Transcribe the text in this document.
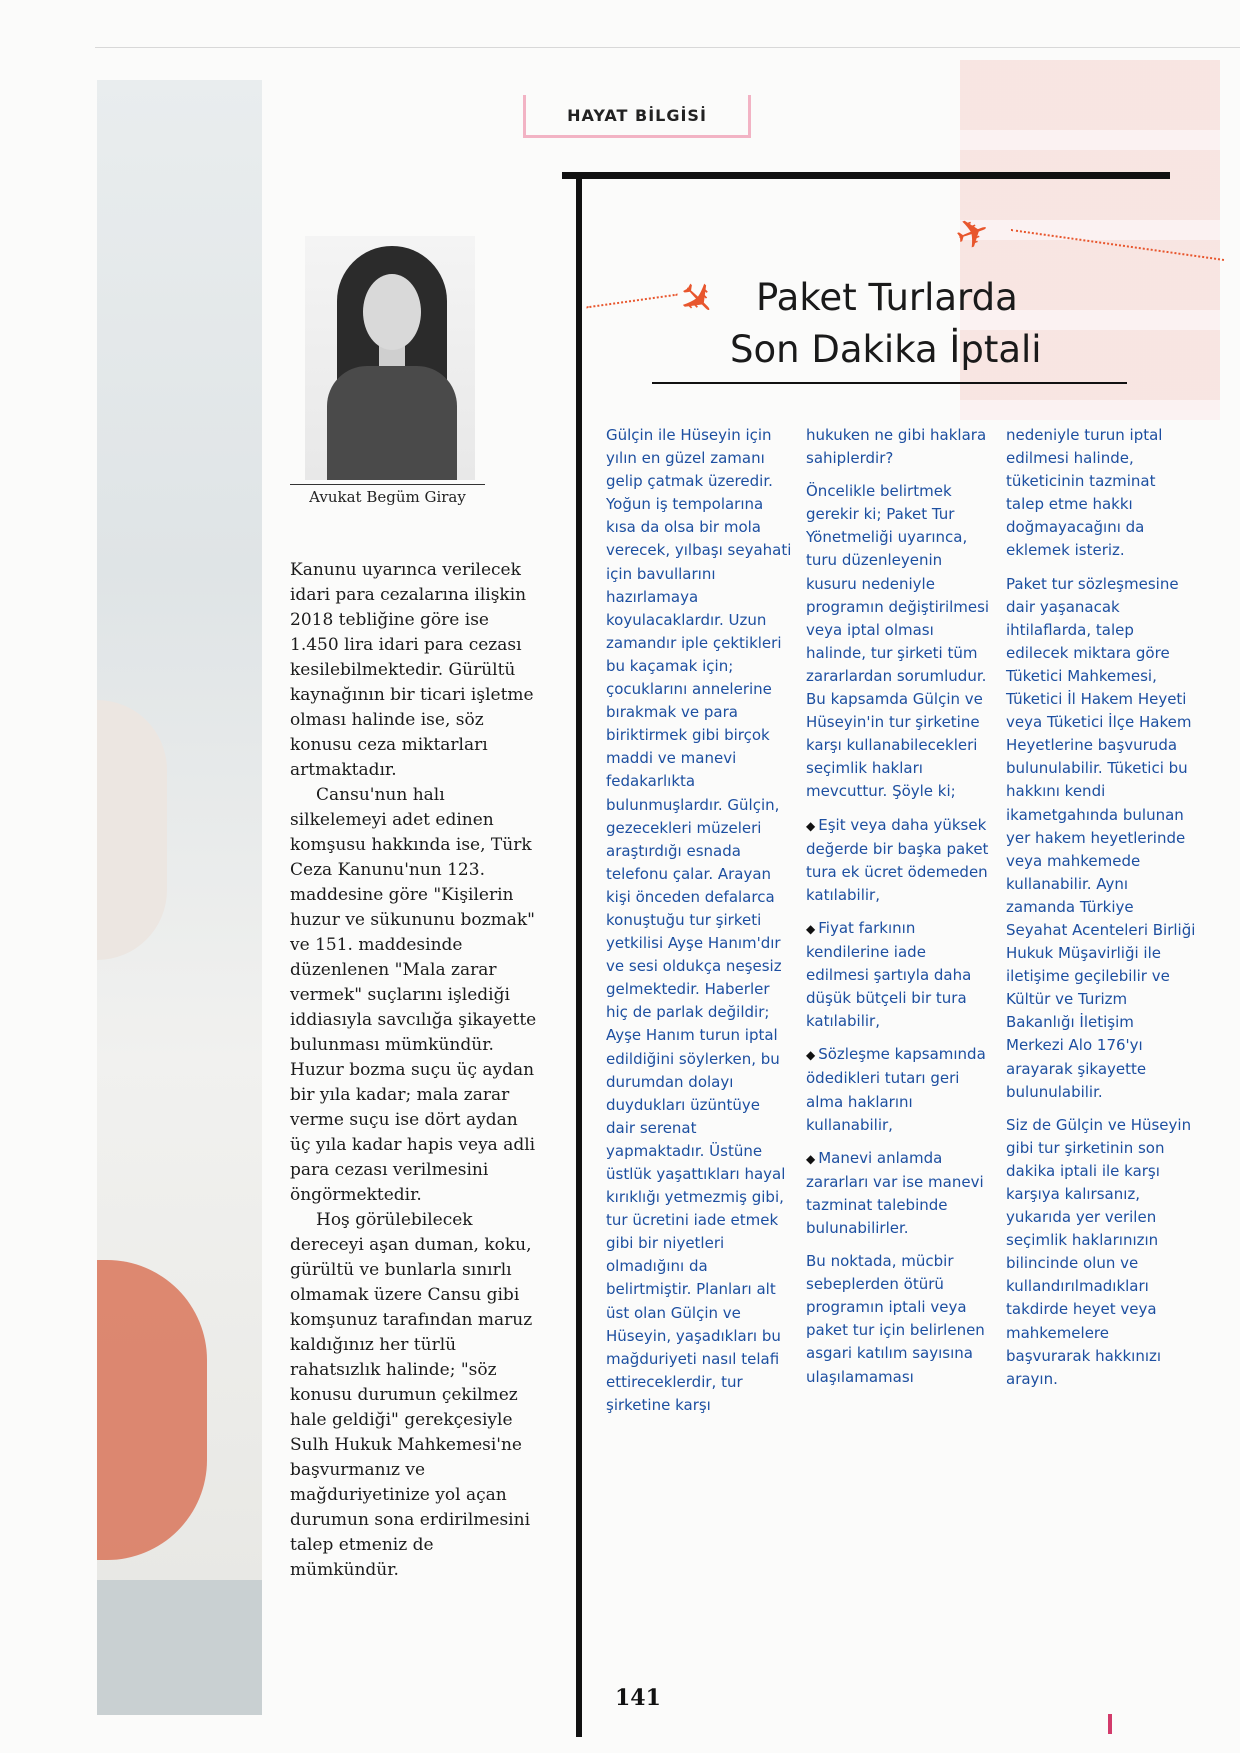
HAYAT BİLGİSİ
Avukat Begüm Giray

Kanunu uyarınca verilecek idari para cezalarına ilişkin 2018 tebliğine göre ise 1.450 lira idari para cezası kesilebilmektedir. Gürültü kaynağının bir ticari işletme olması halinde ise, söz konusu ceza miktarları artmaktadır.

Cansu'nun halı silkelemeyi adet edinen komşusu hakkında ise, Türk Ceza Kanunu'nun 123. maddesine göre "Kişilerin huzur ve sükununu bozmak" ve 151. maddesinde düzenlenen "Mala zarar vermek" suçlarını işlediği iddiasıyla savcılığa şikayette bulunması mümkündür. Huzur bozma suçu üç aydan bir yıla kadar; mala zarar verme suçu ise dört aydan üç yıla kadar hapis veya adli para cezası verilmesini öngörmektedir.

Hoş görülebilecek dereceyi aşan duman, koku, gürültü ve bunlarla sınırlı olmamak üzere Cansu gibi komşunuz tarafından maruz kaldığınız her türlü rahatsızlık halinde; "söz konusu durumun çekilmez hale geldiği" gerekçesiyle Sulh Hukuk Mahkemesi'ne başvurmanız ve mağduriyetinize yol açan durumun sona erdirilmesini talep etmeniz de mümkündür.

✈
✈
Paket Turlarda
Son Dakika İptali

Gülçin ile Hüseyin için yılın en güzel zamanı gelip çatmak üzeredir. Yoğun iş tempolarına kısa da olsa bir mola verecek, yılbaşı seyahati için bavullarını hazırlamaya koyulacaklardır. Uzun zamandır iple çektikleri bu kaçamak için; çocuklarını annelerine bırakmak ve para biriktirmek gibi birçok maddi ve manevi fedakarlıkta bulunmuşlardır. Gülçin, gezecekleri müzeleri araştırdığı esnada telefonu çalar. Arayan kişi önceden defalarca konuştuğu tur şirketi yetkilisi Ayşe Hanım'dır ve sesi oldukça neşesiz gelmektedir. Haberler hiç de parlak değildir; Ayşe Hanım turun iptal edildiğini söylerken, bu durumdan dolayı duydukları üzüntüye dair serenat yapmaktadır. Üstüne üstlük yaşattıkları hayal kırıklığı yetmezmiş gibi, tur ücretini iade etmek gibi bir niyetleri olmadığını da belirtmiştir. Planları alt üst olan Gülçin ve Hüseyin, yaşadıkları bu mağduriyeti nasıl telafi ettireceklerdir, tur şirketine karşı

hukuken ne gibi haklara sahiplerdir?

Öncelikle belirtmek gerekir ki; Paket Tur Yönetmeliği uyarınca, turu düzenleyenin kusuru nedeniyle programın değiştirilmesi veya iptal olması halinde, tur şirketi tüm zararlardan sorumludur. Bu kapsamda Gülçin ve Hüseyin'in tur şirketine karşı kullanabilecekleri seçimlik hakları mevcuttur. Şöyle ki;

◆ Eşit veya daha yüksek değerde bir başka paket tura ek ücret ödemeden katılabilir,

◆ Fiyat farkının kendilerine iade edilmesi şartıyla daha düşük bütçeli bir tura katılabilir,

◆ Sözleşme kapsamında ödedikleri tutarı geri alma haklarını kullanabilir,

◆ Manevi anlamda zararları var ise manevi tazminat talebinde bulunabilirler.

Bu noktada, mücbir sebeplerden ötürü programın iptali veya paket tur için belirlenen asgari katılım sayısına ulaşılamaması

nedeniyle turun iptal edilmesi halinde, tüketicinin tazminat talep etme hakkı doğmayacağını da eklemek isteriz.

Paket tur sözleşmesine dair yaşanacak ihtilaflarda, talep edilecek miktara göre Tüketici Mahkemesi, Tüketici İl Hakem Heyeti veya Tüketici İlçe Hakem Heyetlerine başvuruda bulunulabilir. Tüketici bu hakkını kendi ikametgahında bulunan yer hakem heyetlerinde veya mahkemede kullanabilir. Aynı zamanda Türkiye Seyahat Acenteleri Birliği Hukuk Müşavirliği ile iletişime geçilebilir ve Kültür ve Turizm Bakanlığı İletişim Merkezi Alo 176'yı arayarak şikayette bulunulabilir.

Siz de Gülçin ve Hüseyin gibi tur şirketinin son dakika iptali ile karşı karşıya kalırsanız, yukarıda yer verilen seçimlik haklarınızın bilincinde olun ve kullandırılmadıkları takdirde heyet veya mahkemelere başvurarak hakkınızı arayın.

141
